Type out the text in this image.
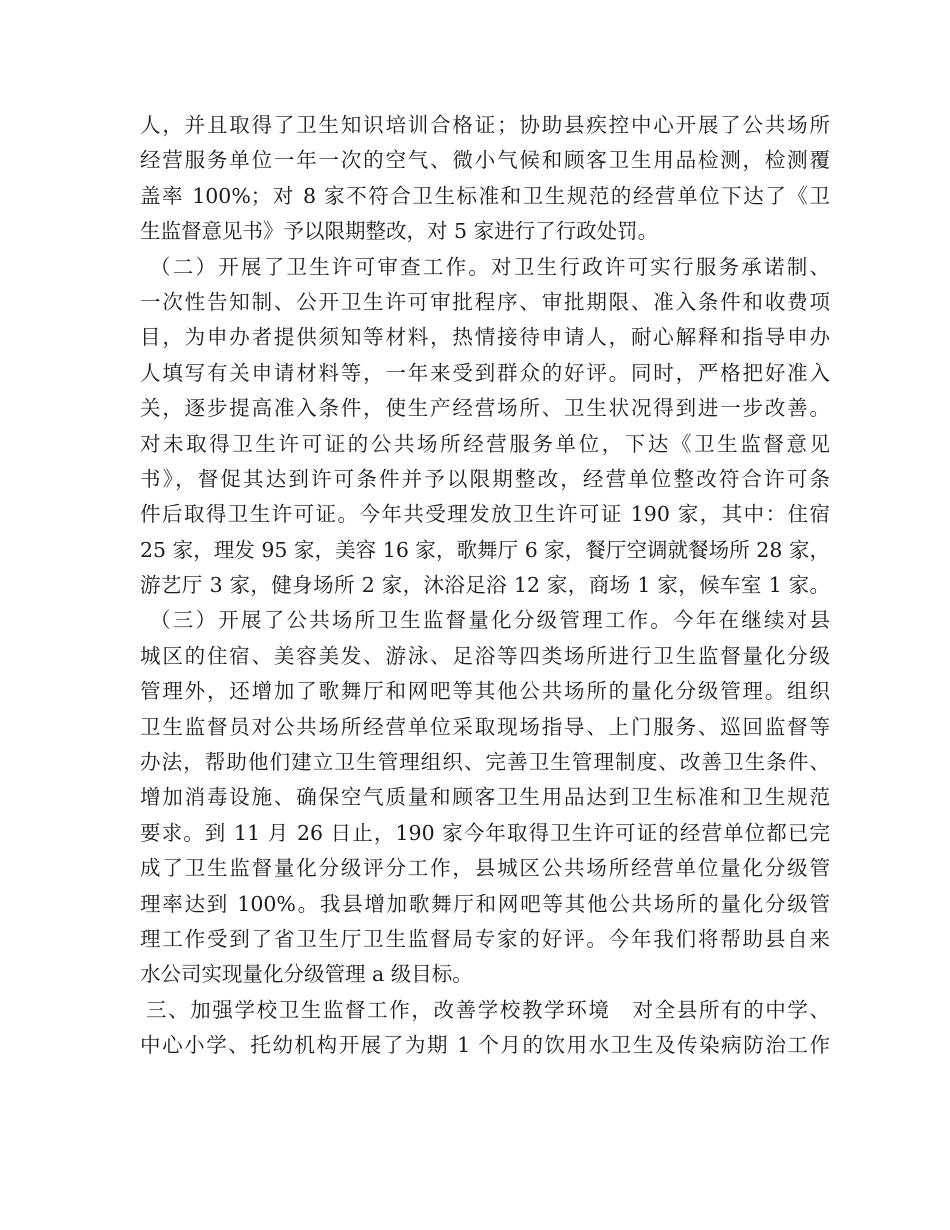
人，并且取得了卫生知识培训合格证；协助县疾控中心开展了公共场所
经营服务单位一年一次的空气、微小气候和顾客卫生用品检测，检测覆
盖率 100%；对 8 家不符合卫生标准和卫生规范的经营单位下达了《卫
生监督意见书》予以限期整改，对 5 家进行了行政处罚。
（二）开展了卫生许可审查工作。对卫生行政许可实行服务承诺制、
一次性告知制、公开卫生许可审批程序、审批期限、准入条件和收费项
目，为申办者提供须知等材料，热情接待申请人，耐心解释和指导申办
人填写有关申请材料等，一年来受到群众的好评。同时，严格把好准入
关，逐步提高准入条件，使生产经营场所、卫生状况得到进一步改善。
对未取得卫生许可证的公共场所经营服务单位，下达《卫生监督意见
书》，督促其达到许可条件并予以限期整改，经营单位整改符合许可条
件后取得卫生许可证。今年共受理发放卫生许可证 190 家，其中：住宿
25 家，理发 95 家，美容 16 家，歌舞厅 6 家，餐厅空调就餐场所 28 家，
游艺厅 3 家，健身场所 2 家，沐浴足浴 12 家，商场 1 家，候车室 1 家。
（三）开展了公共场所卫生监督量化分级管理工作。今年在继续对县
城区的住宿、美容美发、游泳、足浴等四类场所进行卫生监督量化分级
管理外，还增加了歌舞厅和网吧等其他公共场所的量化分级管理。组织
卫生监督员对公共场所经营单位采取现场指导、上门服务、巡回监督等
办法，帮助他们建立卫生管理组织、完善卫生管理制度、改善卫生条件、
增加消毒设施、确保空气质量和顾客卫生用品达到卫生标准和卫生规范
要求。到 11 月 26 日止，190 家今年取得卫生许可证的经营单位都已完
成了卫生监督量化分级评分工作，县城区公共场所经营单位量化分级管
理率达到 100%。我县增加歌舞厅和网吧等其他公共场所的量化分级管
理工作受到了省卫生厅卫生监督局专家的好评。今年我们将帮助县自来
水公司实现量化分级管理 a 级目标。
三、加强学校卫生监督工作，改善学校教学环境　对全县所有的中学、
中心小学、托幼机构开展了为期 1 个月的饮用水卫生及传染病防治工作
